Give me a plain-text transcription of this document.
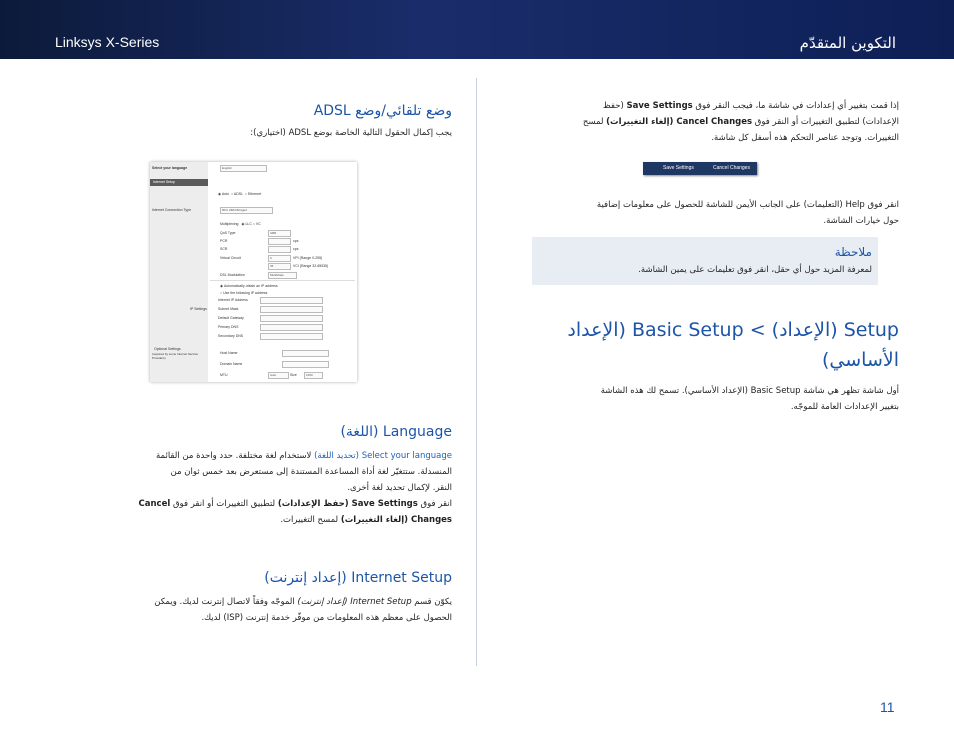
Linksys X-Series	التكوين المتقدّم
وضع تلقائي/وضع ADSL
يجب إكمال الحقول التالية الخاصة بوضع ADSL (اختياري):
Select your language	English
Internet Setup
◉ Auto  ○ ADSL  ○ Ethernet
Internet Connection Type	RFC 2684 Bridged
Multiplexing   ◉ LLC ○ VC
QoS Type	UBR
PCR	cps
SCR	cps
Virtual Circuit	0	VPI (Range 0-255)
35	VCI (Range 32-65535)
DSL Modulation	MultiMode
◉ Automatically obtain an IP address
○ Use the following IP address
IP Settings
Internet IP Address
Subnet Mask
Default Gateway
Primary DNS
Secondary DNS
Optional Settings
(required by some Internet Service Providers)
Host Name
Domain Name
MTU	Auto	Size	1500
Language (اللغة)
Select your language (تحديد اللغة) لاستخدام لغة مختلفة. حدد واحدة من القائمة
المنسدلة. ستتغيّر لغة أداة المساعدة المستندة إلى مستعرض بعد خمس ثوان من
النقر. لإكمال تحديد لغة أخرى.
انقر فوق Save Settings (حفظ الإعدادات) لتطبيق التغييرات أو انقر فوق Cancel
Changes (إلغاء التغييرات) لمسح التغييرات.
Internet Setup (إعداد إنترنت)
يكوّن قسم Internet Setup (إعداد إنترنت) الموجّه وفقاً لاتصال إنترنت لديك. ويمكن
الحصول على معظم هذه المعلومات من موفّر خدمة إنترنت (ISP) لديك.
إذا قمت بتغيير أي إعدادات في شاشة ما، فيجب النقر فوق Save Settings (حفظ
الإعدادات) لتطبيق التغييرات أو النقر فوق Cancel Changes (إلغاء التغييرات) لمسح
التغييرات. وتوجد عناصر التحكم هذه أسفل كل شاشة.
Save Settings	Cancel Changes
انقر فوق Help (التعليمات) على الجانب الأيمن للشاشة للحصول على معلومات إضافية
حول خيارات الشاشة.
ملاحظة
لمعرفة المزيد حول أي حقل، انقر فوق تعليمات على يمين الشاشة.
Setup (الإعداد) > Basic Setup (الإعداد
الأساسي)
أول شاشة تظهر هي شاشة Basic Setup (الإعداد الأساسي). تسمح لك هذه الشاشة
بتغيير الإعدادات العامة للموجّه.
11
